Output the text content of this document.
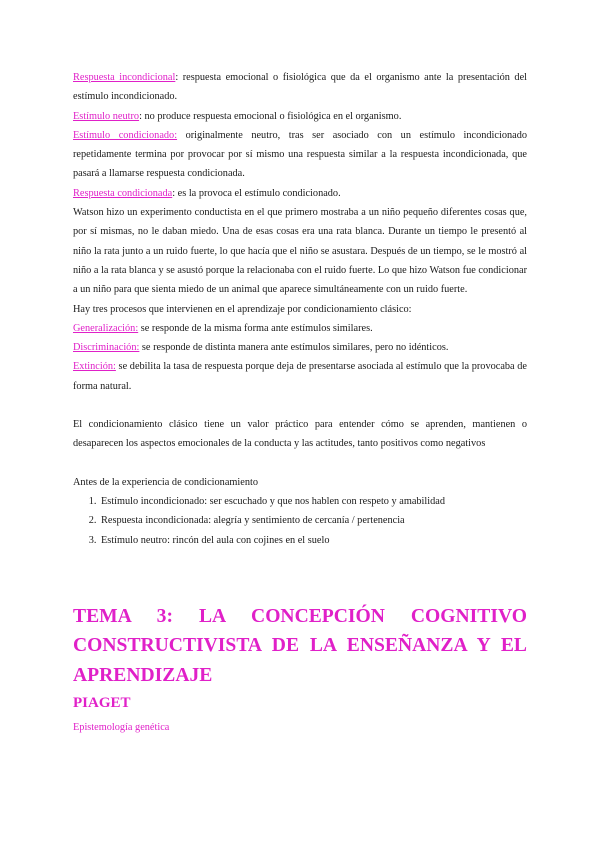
Respuesta incondicional: respuesta emocional o fisiológica que da el organismo ante la presentación del estímulo incondicionado.

Estímulo neutro: no produce respuesta emocional o fisiológica en el organismo.

Estímulo condicionado: originalmente neutro, tras ser asociado con un estímulo incondicionado repetidamente termina por provocar por sí mismo una respuesta similar a la respuesta incondicionada, que pasará a llamarse respuesta condicionada.

Respuesta condicionada: es la provoca el estímulo condicionado.

Watson hizo un experimento conductista en el que primero mostraba a un niño pequeño diferentes cosas que, por sí mismas, no le daban miedo. Una de esas cosas era una rata blanca. Durante un tiempo le presentó al niño la rata junto a un ruido fuerte, lo que hacía que el niño se asustara. Después de un tiempo, se le mostró al niño a la rata blanca y se asustó porque la relacionaba con el ruido fuerte. Lo que hizo Watson fue condicionar a un niño para que sienta miedo de un animal que aparece simultáneamente con un ruido fuerte.

Hay tres procesos que intervienen en el aprendizaje por condicionamiento clásico:

Generalización: se responde de la misma forma ante estímulos similares.

Discriminación: se responde de distinta manera ante estímulos similares, pero no idénticos.

Extinción: se debilita la tasa de respuesta porque deja de presentarse asociada al estímulo que la provocaba de forma natural.

El condicionamiento clásico tiene un valor práctico para entender cómo se aprenden, mantienen o desaparecen los aspectos emocionales de la conducta y las actitudes, tanto positivos como negativos

Antes de la experiencia de condicionamiento

1. Estímulo incondicionado: ser escuchado y que nos hablen con respeto y amabilidad
2. Respuesta incondicionada: alegría y sentimiento de cercanía / pertenencia
3. Estímulo neutro: rincón del aula con cojines en el suelo
TEMA 3: LA CONCEPCIÓN COGNITIVO CONSTRUCTIVISTA DE LA ENSEÑANZA Y EL APRENDIZAJE
PIAGET

Epistemología genética
